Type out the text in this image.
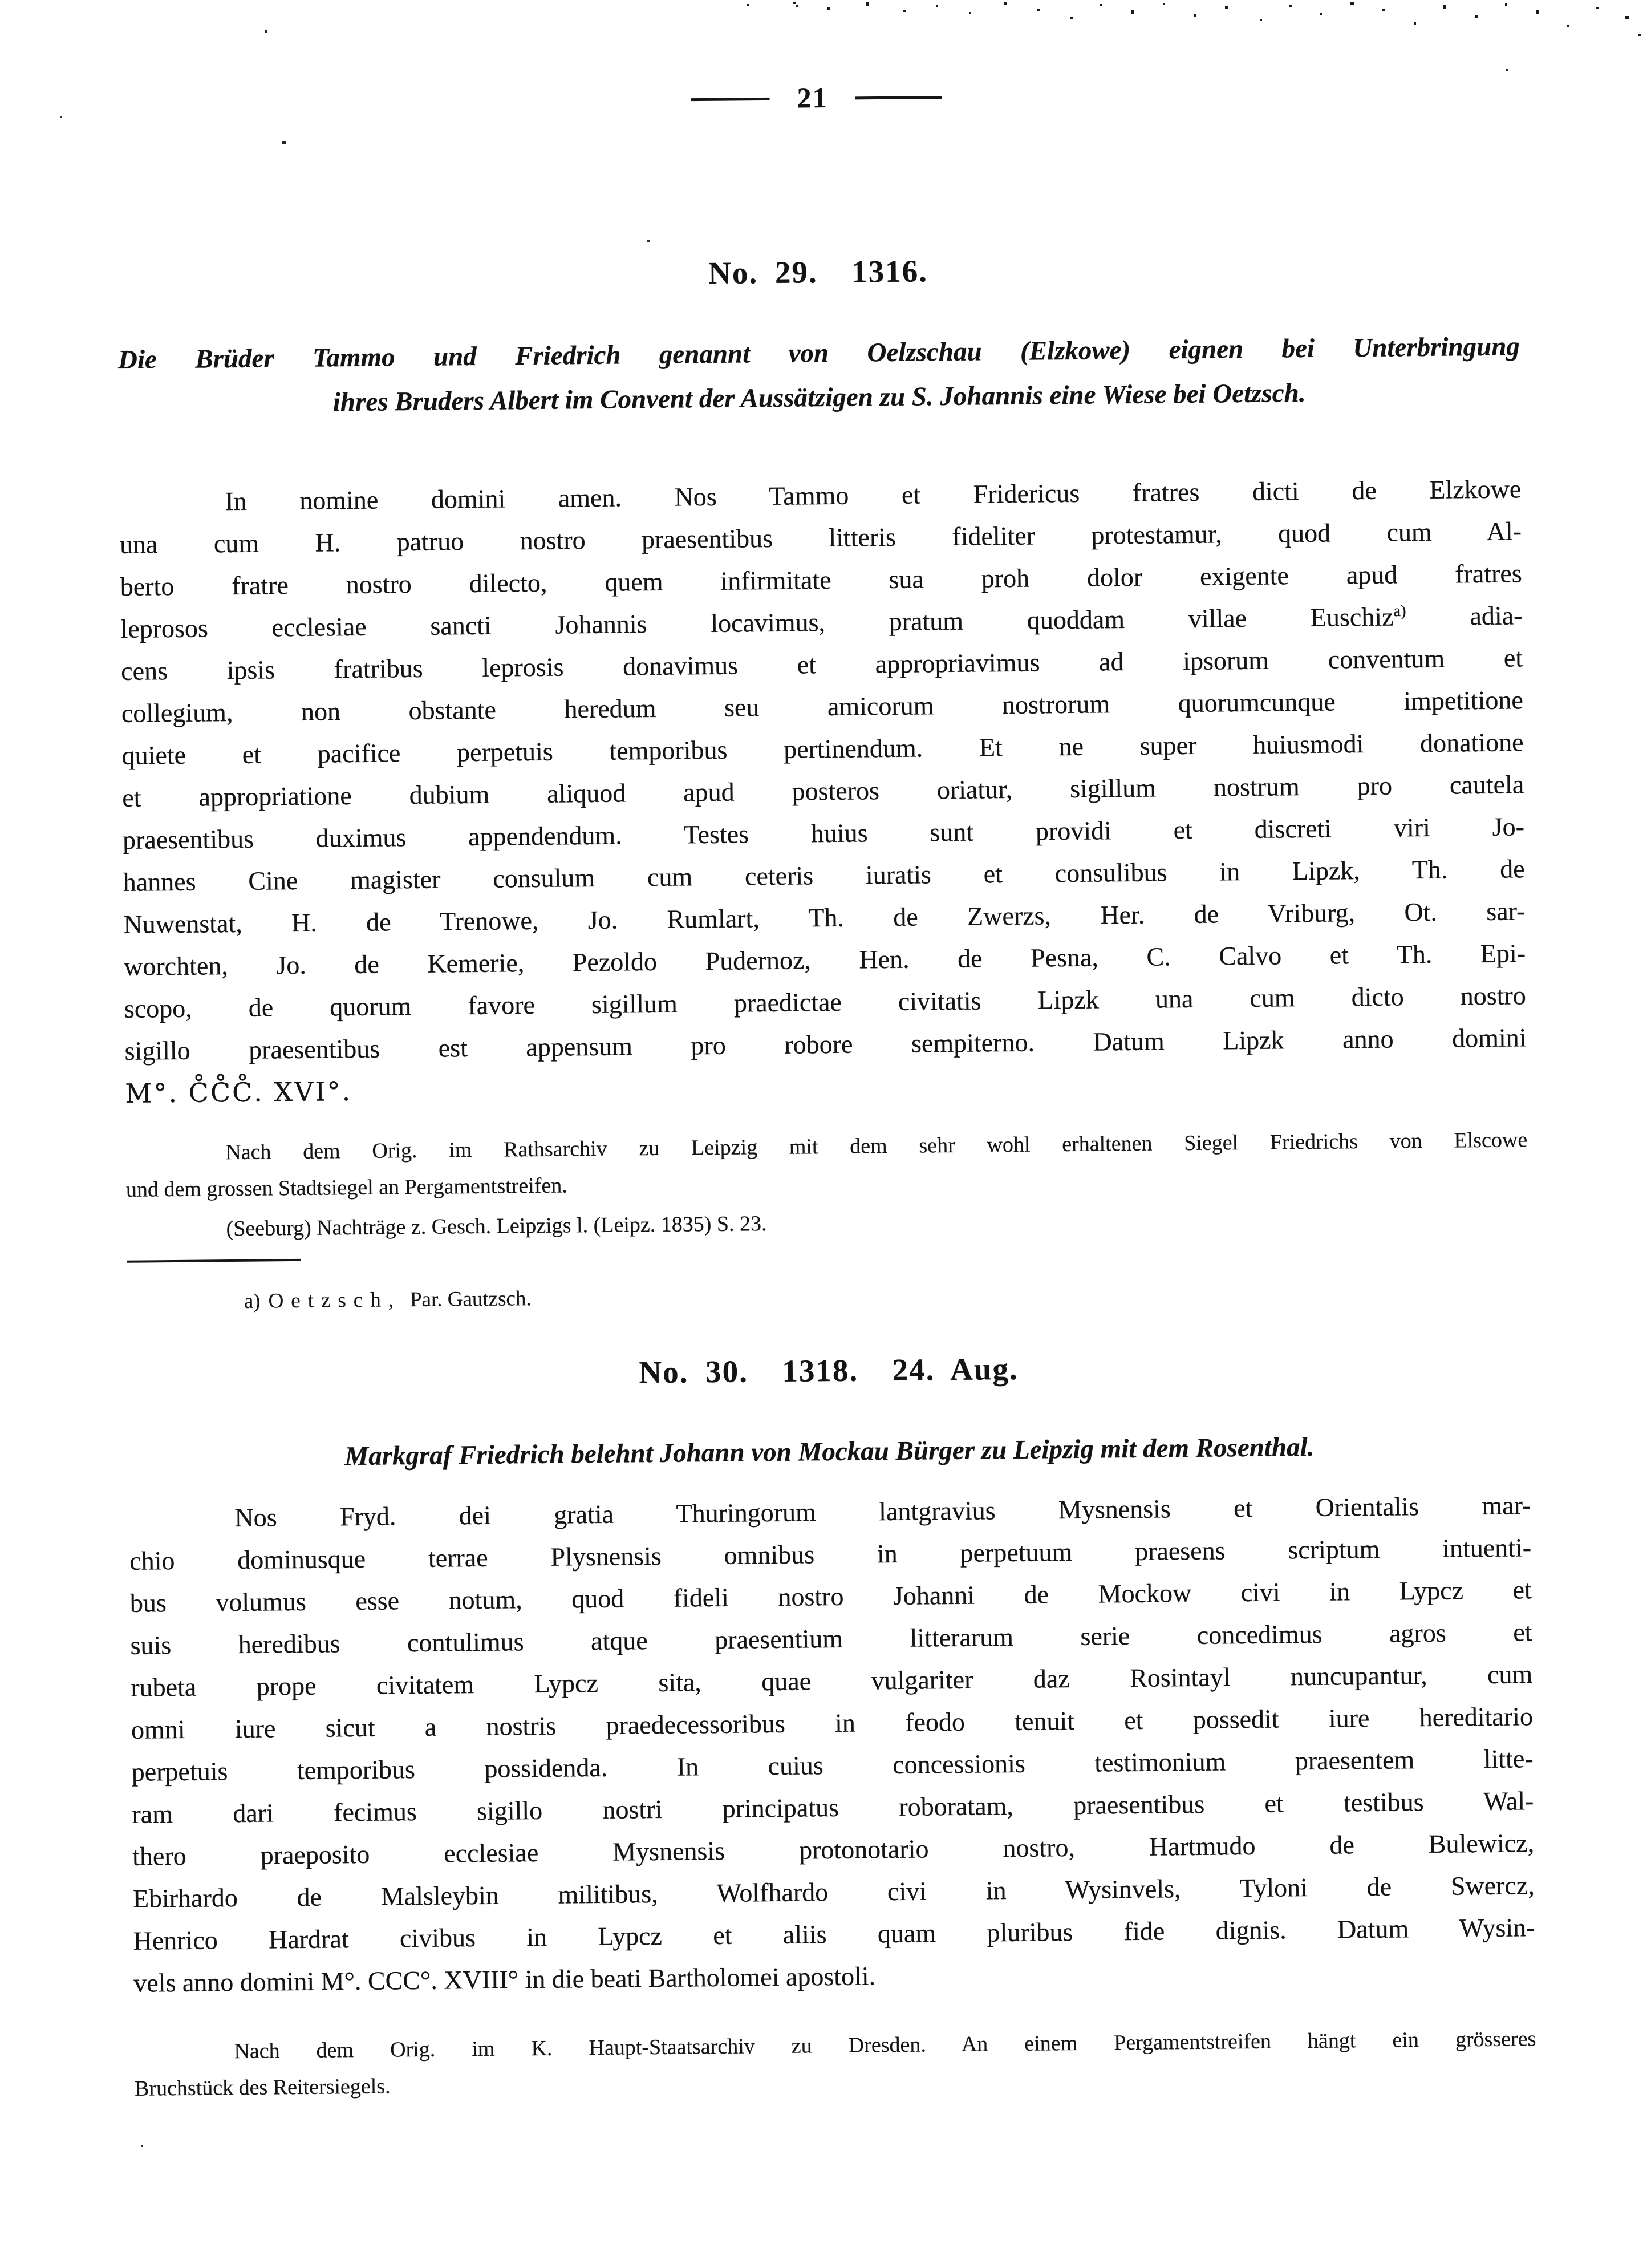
21
No. 29.  1316.
Die Brüder Tammo und Friedrich genannt von Oelzschau (Elzkowe) eignen bei Unterbringung
ihres Bruders Albert im Convent der Aussätzigen zu S. Johannis eine Wiese bei Oetzsch.
In nomine domini amen. Nos Tammo et Fridericus fratres dicti de Elzkowe
una cum H. patruo nostro praesentibus litteris fideliter protestamur, quod cum Al-
berto fratre nostro dilecto, quem infirmitate sua proh dolor exigente apud fratres
leprosos ecclesiae sancti Johannis locavimus, pratum quoddam villae Euschiz$^{a)}$ adia-
cens ipsis fratribus leprosis donavimus et appropriavimus ad ipsorum conventum et
collegium, non obstante heredum seu amicorum nostrorum quorumcunque impetitione
quiete et pacifice perpetuis temporibus pertinendum. Et ne super huiusmodi donatione
et appropriatione dubium aliquod apud posteros oriatur, sigillum nostrum pro cautela
praesentibus duximus appendendum. Testes huius sunt providi et discreti viri Jo-
hannes Cine magister consulum cum ceteris iuratis et consulibus in Lipzk, Th. de
Nuwenstat, H. de Trenowe, Jo. Rumlart, Th. de Zwerzs, Her. de Vriburg, Ot. sar-
worchten, Jo. de Kemerie, Pezoldo Pudernoz, Hen. de Pesna, C. Calvo et Th. Epi-
scopo, de quorum favore sigillum praedictae civitatis Lipzk una cum dicto nostro
sigillo praesentibus est appensum pro robore sempiterno. Datum Lipzk anno domini
M°. C̊C̊C̊. XVI°.
Nach dem Orig. im Rathsarchiv zu Leipzig mit dem sehr wohl erhaltenen Siegel Friedrichs von Elscowe
und dem grossen Stadtsiegel an Pergamentstreifen.
(Seeburg) Nachträge z. Gesch. Leipzigs l. (Leipz. 1835) S. 23.
a) Oetzsch, Par. Gautzsch.
No. 30.  1318.  24. Aug.
Markgraf Friedrich belehnt Johann von Mockau Bürger zu Leipzig mit dem Rosenthal.
Nos Fryd. dei gratia Thuringorum lantgravius Mysnensis et Orientalis mar-
chio dominusque terrae Plysnensis omnibus in perpetuum praesens scriptum intuenti-
bus volumus esse notum, quod fideli nostro Johanni de Mockow civi in Lypcz et
suis heredibus contulimus atque praesentium litterarum serie concedimus agros et
rubeta prope civitatem Lypcz sita, quae vulgariter daz Rosintayl nuncupantur, cum
omni iure sicut a nostris praedecessoribus in feodo tenuit et possedit iure hereditario
perpetuis temporibus possidenda. In cuius concessionis testimonium praesentem litte-
ram dari fecimus sigillo nostri principatus roboratam, praesentibus et testibus Wal-
thero praeposito ecclesiae Mysnensis protonotario nostro, Hartmudo de Bulewicz,
Ebirhardo de Malsleybin militibus, Wolfhardo civi in Wysinvels, Tyloni de Swercz,
Henrico Hardrat civibus in Lypcz et aliis quam pluribus fide dignis. Datum Wysin-
vels anno domini M°. CCC°. XVIII° in die beati Bartholomei apostoli.
Nach dem Orig. im K. Haupt-Staatsarchiv zu Dresden. An einem Pergamentstreifen hängt ein grösseres
Bruchstück des Reitersiegels.
